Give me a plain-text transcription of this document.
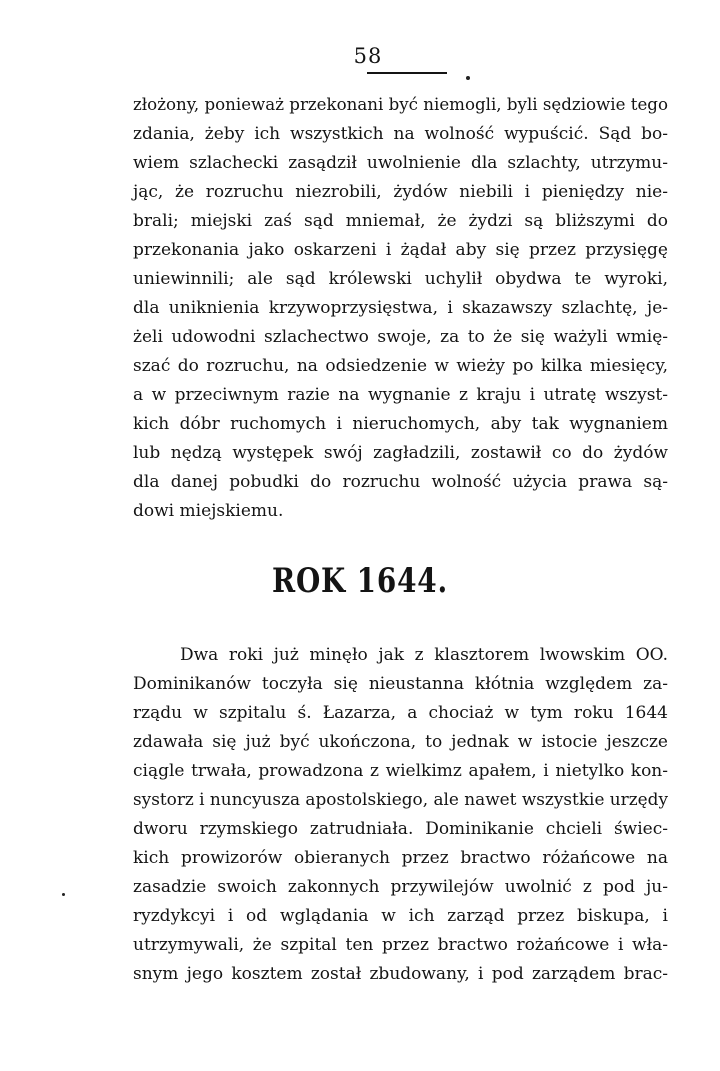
58
złożony, ponieważ przekonani być niemogli, byli sędziowie tego
zdania, żeby ich wszystkich na wolność wypuścić. Sąd bo-
wiem szlachecki zasądził uwolnienie dla szlachty, utrzymu-
jąc, że rozruchu niezrobili, żydów niebili i pieniędzy nie-
brali; miejski zaś sąd mniemał, że żydzi są bliższymi do
przekonania jako oskarzeni i żądał aby się przez przysięgę
uniewinnili; ale sąd królewski uchylił obydwa te wyroki,
dla uniknienia krzywoprzysięstwa, i skazawszy szlachtę, je-
żeli udowodni szlachectwo swoje, za to że się ważyli wmię-
szać do rozruchu, na odsiedzenie w wieży po kilka miesięcy,
a w przeciwnym razie na wygnanie z kraju i utratę wszyst-
kich dóbr ruchomych i nieruchomych, aby tak wygnaniem
lub nędzą występek swój zagładzili, zostawił co do żydów
dla danej pobudki do rozruchu wolność użycia prawa są-
dowi miejskiemu.
ROK 1644.
Dwa roki już minęło jak z klasztorem lwowskim OO.
Dominikanów toczyła się nieustanna kłótnia względem za-
rządu w szpitalu ś. Łazarza, a chociaż w tym roku 1644
zdawała się już być ukończona, to jednak w istocie jeszcze
ciągle trwała, prowadzona z wielkimz apałem, i nietylko kon-
systorz i nuncyusza apostolskiego, ale nawet wszystkie urzędy
dworu rzymskiego zatrudniała. Dominikanie chcieli świec-
kich prowizorów obieranych przez bractwo różańcowe na
zasadzie swoich zakonnych przywilejów uwolnić z pod ju-
ryzdykcyi i od wglądania w ich zarząd przez biskupa, i
utrzymywali, że szpital ten przez bractwo rożańcowe i wła-
snym jego kosztem został zbudowany, i pod zarządem brac-
